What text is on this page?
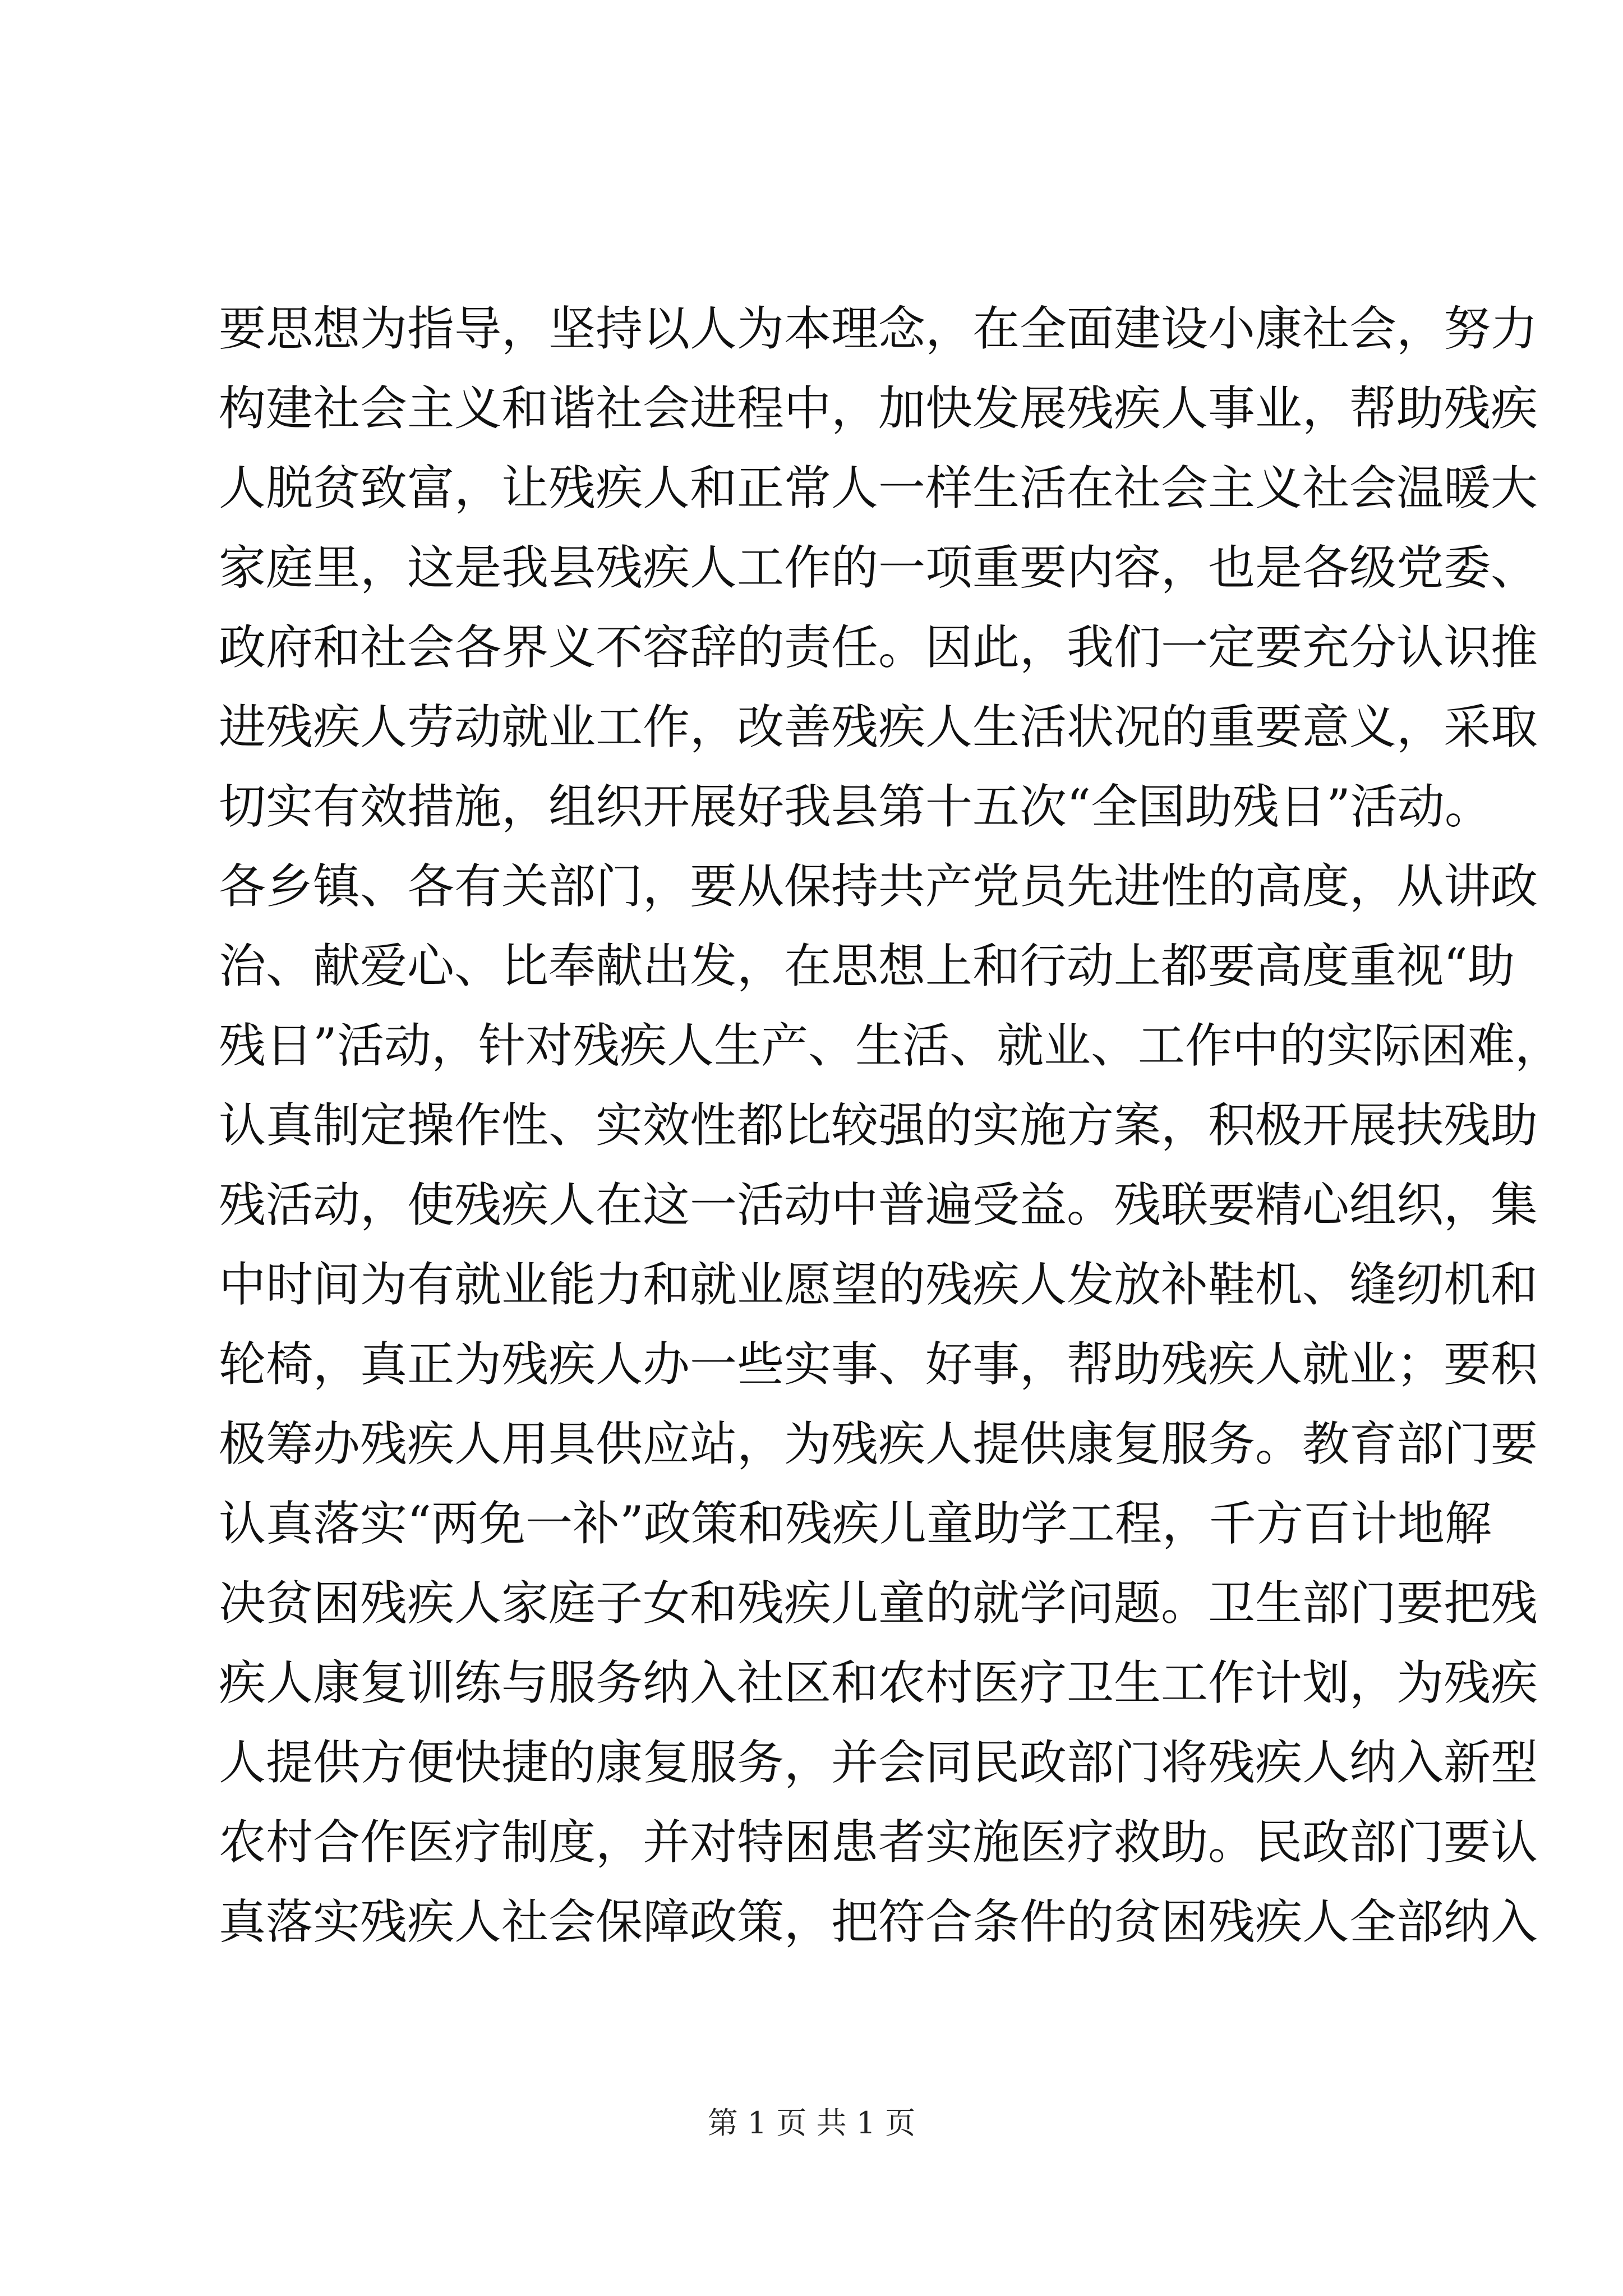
要思想为指导，坚持以人为本理念，在全面建设小康社会，努力
构建社会主义和谐社会进程中，加快发展残疾人事业，帮助残疾
人脱贫致富，让残疾人和正常人一样生活在社会主义社会温暖大
家庭里，这是我县残疾人工作的一项重要内容，也是各级党委、
政府和社会各界义不容辞的责任。因此，我们一定要充分认识推
进残疾人劳动就业工作，改善残疾人生活状况的重要意义，采取
切实有效措施，组织开展好我县第十五次“全国助残日”活动。
各乡镇、各有关部门，要从保持共产党员先进性的高度，从讲政
治、献爱心、比奉献出发，在思想上和行动上都要高度重视“助
残日”活动，针对残疾人生产、生活、就业、工作中的实际困难，
认真制定操作性、实效性都比较强的实施方案，积极开展扶残助
残活动，使残疾人在这一活动中普遍受益。残联要精心组织，集
中时间为有就业能力和就业愿望的残疾人发放补鞋机、缝纫机和
轮椅，真正为残疾人办一些实事、好事，帮助残疾人就业；要积
极筹办残疾人用具供应站，为残疾人提供康复服务。教育部门要
认真落实“两免一补”政策和残疾儿童助学工程，千方百计地解
决贫困残疾人家庭子女和残疾儿童的就学问题。卫生部门要把残
疾人康复训练与服务纳入社区和农村医疗卫生工作计划，为残疾
人提供方便快捷的康复服务，并会同民政部门将残疾人纳入新型
农村合作医疗制度，并对特困患者实施医疗救助。民政部门要认
真落实残疾人社会保障政策，把符合条件的贫困残疾人全部纳入
第 1 页 共 1 页
